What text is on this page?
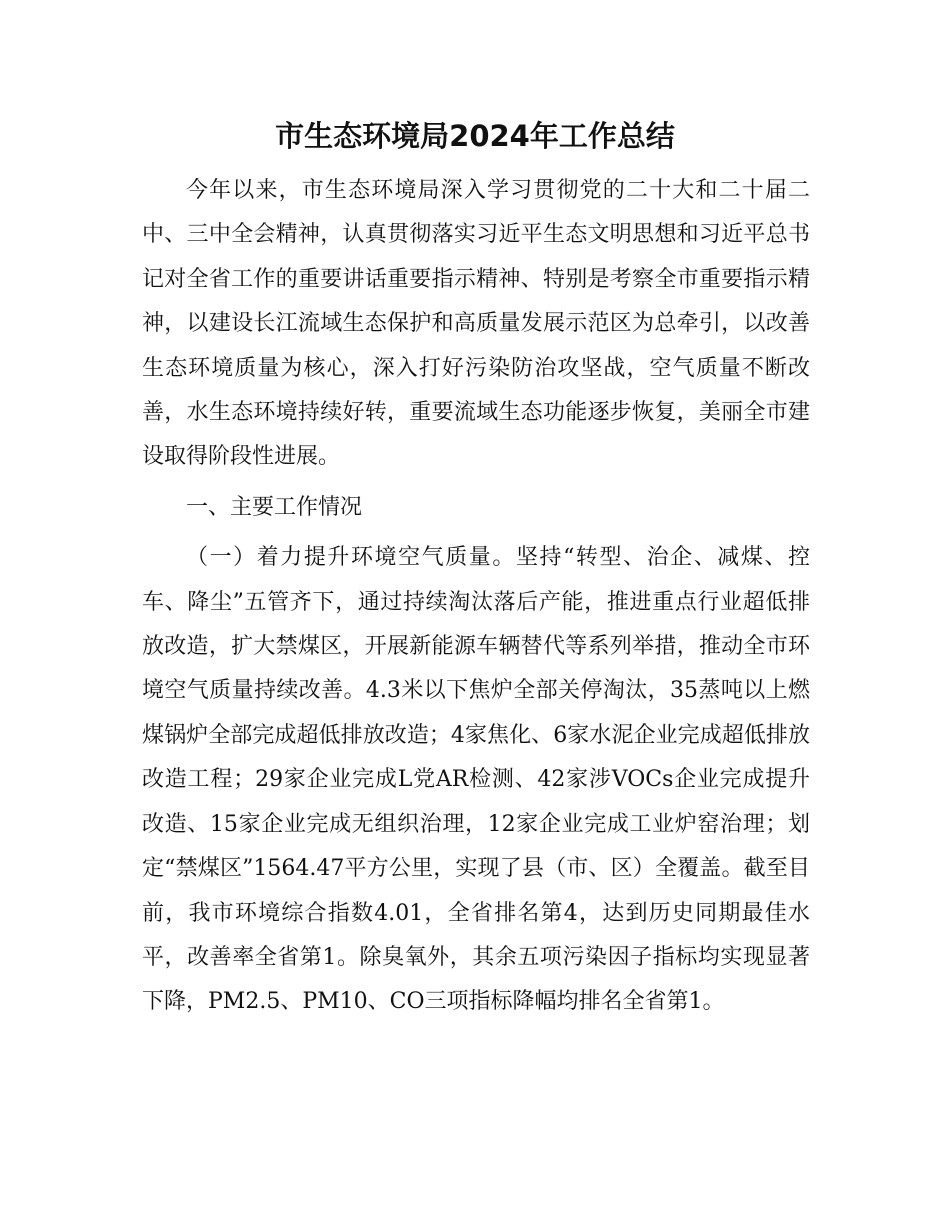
市生态环境局2024年工作总结

今年以来，市生态环境局深入学习贯彻党的二十大和二十届二中、三中全会精神，认真贯彻落实习近平生态文明思想和习近平总书记对全省工作的重要讲话重要指示精神、特别是考察全市重要指示精神，以建设长江流域生态保护和高质量发展示范区为总牵引，以改善生态环境质量为核心，深入打好污染防治攻坚战，空气质量不断改善，水生态环境持续好转，重要流域生态功能逐步恢复，美丽全市建设取得阶段性进展。

一、主要工作情况

（一）着力提升环境空气质量。坚持“转型、治企、减煤、控车、降尘”五管齐下，通过持续淘汰落后产能，推进重点行业超低排放改造，扩大禁煤区，开展新能源车辆替代等系列举措，推动全市环境空气质量持续改善。4.3米以下焦炉全部关停淘汰，35蒸吨以上燃煤锅炉全部完成超低排放改造；4家焦化、6家水泥企业完成超低排放改造工程；29家企业完成L党AR检测、42家涉VOCs企业完成提升改造、15家企业完成无组织治理，12家企业完成工业炉窑治理；划定“禁煤区”1564.47平方公里，实现了县（市、区）全覆盖。截至目前，我市环境综合指数4.01，全省排名第4，达到历史同期最佳水平，改善率全省第1。除臭氧外，其余五项污染因子指标均实现显著下降，PM2.5、PM10、CO三项指标降幅均排名全省第1。
